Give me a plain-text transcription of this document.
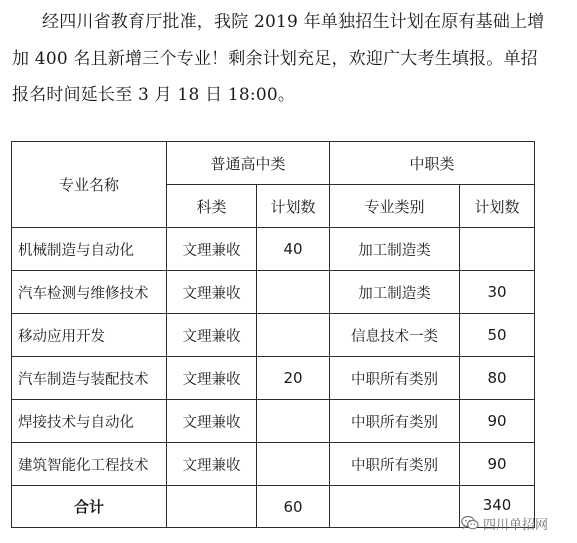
经四川省教育厅批准，我院 2019 年单独招生计划在原有基础上增

加 400 名且新增三个专业！剩余计划充足，欢迎广大考生填报。单招

报名时间延长至 3 月 18 日 18:00。

专业名称	普通高中类		中职类	
	科类	计划数	专业类别	计划数
机械制造与自动化	文理兼收	40	加工制造类	
汽车检测与维修技术	文理兼收		加工制造类	30
移动应用开发	文理兼收		信息技术一类	50
汽车制造与装配技术	文理兼收	20	中职所有类别	80
焊接技术与自动化	文理兼收		中职所有类别	90
建筑智能化工程技术	文理兼收		中职所有类别	90
合计		60		340
四川单招网
